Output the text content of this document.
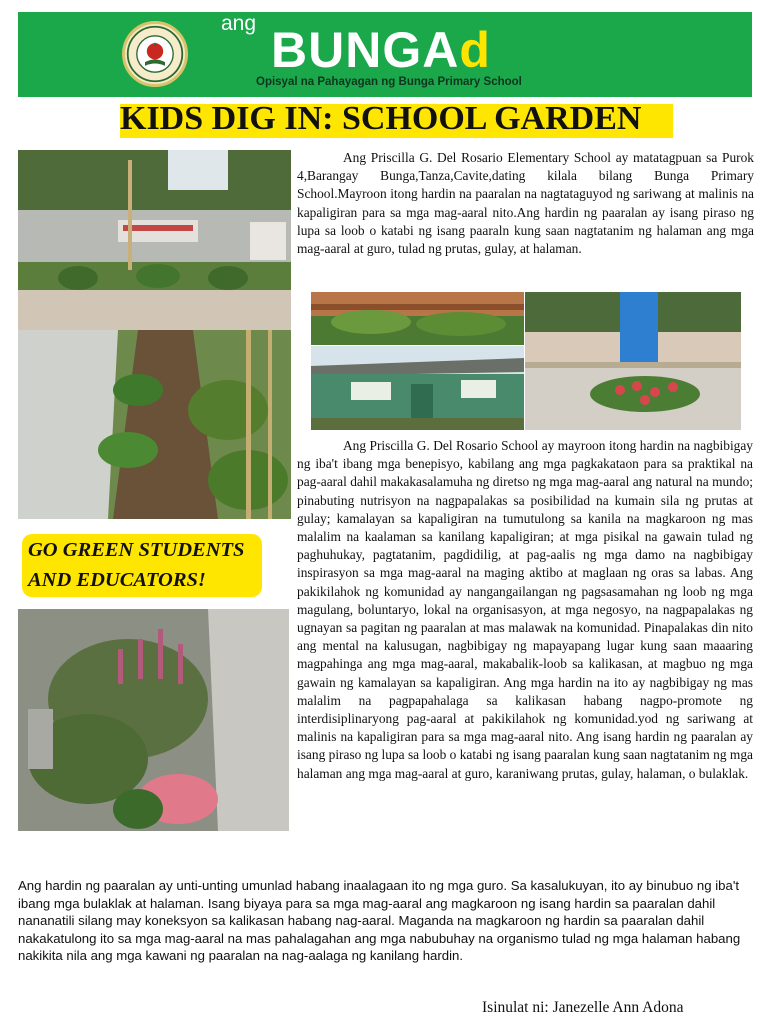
ang BUNGAd
Opisyal na Pahayagan ng Bunga Primary School
KIDS DIG IN: SCHOOL GARDEN
GO GREEN STUDENTS AND EDUCATORS!

Ang Priscilla G. Del Rosario Elementary School ay matatagpuan sa Purok 4,Barangay Bunga,Tanza,Cavite,dating kilala bilang Bunga Primary School.Mayroon itong hardin na paaralan na nagtataguyod ng sariwang at malinis na kapaligiran para sa mga mag-aaral nito.Ang hardin ng paaralan ay isang piraso ng lupa sa loob o katabi ng isang paaraln kung saan nagtatanim ng halaman ang mga mag-aaral at guro, tulad ng prutas, gulay, at halaman.

Ang Priscilla G. Del Rosario School ay mayroon itong hardin na nagbibigay ng iba't ibang mga benepisyo, kabilang ang mga pagkakataon para sa praktikal na pag-aaral dahil makakasalamuha ng diretso ng mga mag-aaral ang natural na mundo; pinabuting nutrisyon na nagpapalakas sa posibilidad na kumain sila ng prutas at gulay; kamalayan sa kapaligiran na tumutulong sa kanila na magkaroon ng mas malalim na kaalaman sa kanilang kapaligiran; at mga pisikal na gawain tulad ng paghuhukay, pagtatanim, pagdidilig, at pag-aalis ng mga damo na nagbibigay inspirasyon sa mga mag-aaral na maging aktibo at maglaan ng oras sa labas. Ang pakikilahok ng komunidad ay nangangailangan ng pagsasamahan ng loob ng mga magulang, boluntaryo, lokal na organisasyon, at mga negosyo, na nagpapalakas ng ugnayan sa pagitan ng paaralan at mas malawak na komunidad. Pinapalakas din nito ang mental na kalusugan, nagbibigay ng mapayapang lugar kung saan maaaring magpahinga ang mga mag-aaral, makabalik-loob sa kalikasan, at magbuo ng mga gawain ng kamalayan sa kapaligiran. Ang mga hardin na ito ay nagbibigay ng mas malalim na pagpapahalaga sa kalikasan habang nagpo-promote ng interdisiplinaryong pag-aaral at pakikilahok ng komunidad.yod ng sariwang at malinis na kapaligiran para sa mga mag-aaral nito. Ang isang hardin ng paaralan ay isang piraso ng lupa sa loob o katabi ng isang paaralan kung saan nagtatanim ng mga halaman ang mga mag-aaral at guro, karaniwang prutas, gulay, halaman, o bulaklak.

Ang hardin ng paaralan ay unti-unting umunlad habang inaalagaan ito ng mga guro. Sa kasalukuyan, ito ay binubuo ng iba't ibang mga bulaklak at halaman. Isang biyaya para sa mga mag-aaral ang magkaroon ng isang hardin sa paaralan dahil nananatili silang may koneksyon sa kalikasan habang nag-aaral. Maganda na magkaroon ng hardin sa paaralan dahil nakakatulong ito sa mga mag-aaral na mas pahalagahan ang mga nabubuhay na organismo tulad ng mga halaman habang nakikita nila ang mga kawani ng paaralan na nag-aalaga ng kanilang hardin.

Isinulat ni: Janezelle Ann Adona
